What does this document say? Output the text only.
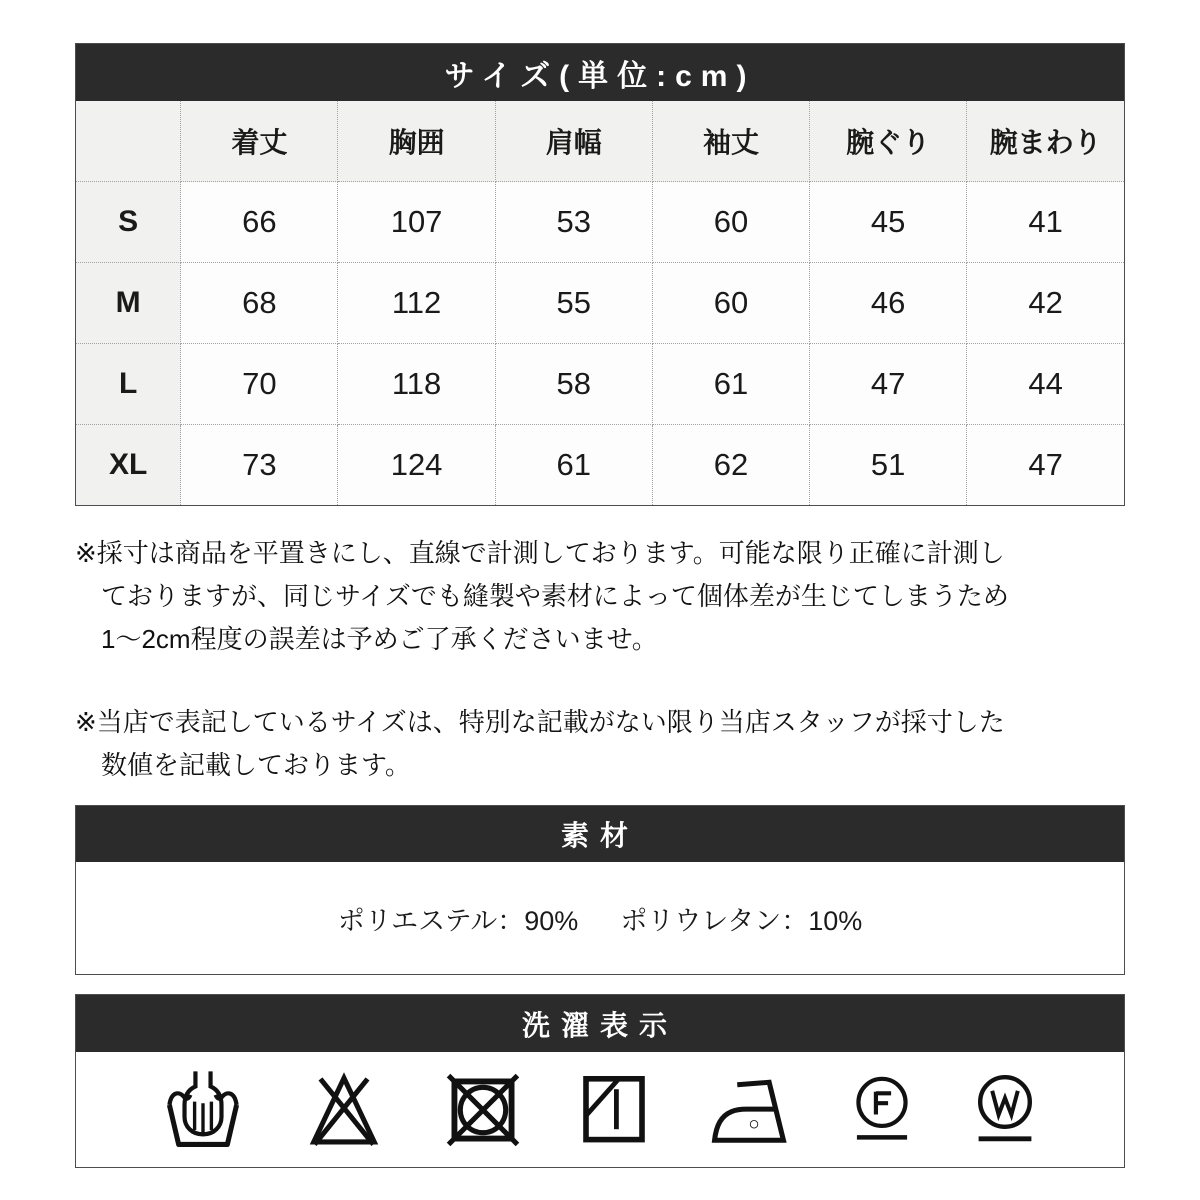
サイズ(単位:cm)
	着丈	胸囲	肩幅	袖丈	腕ぐり	腕まわり
S	66	107	53	60	45	41
M	68	112	55	60	46	42
L	70	118	58	61	47	44
XL	73	124	61	62	51	47
※採寸は商品を平置きにし、直線で計測しております。可能な限り正確に計測し
ておりますが、同じサイズでも縫製や素材によって個体差が生じてしまうため
1〜2cm程度の誤差は予めご了承くださいませ。
※当店で表記しているサイズは、特別な記載がない限り当店スタッフが採寸した
数値を記載しております。
素材
ポリエステル：90% ポリウレタン：10%
洗濯表示
